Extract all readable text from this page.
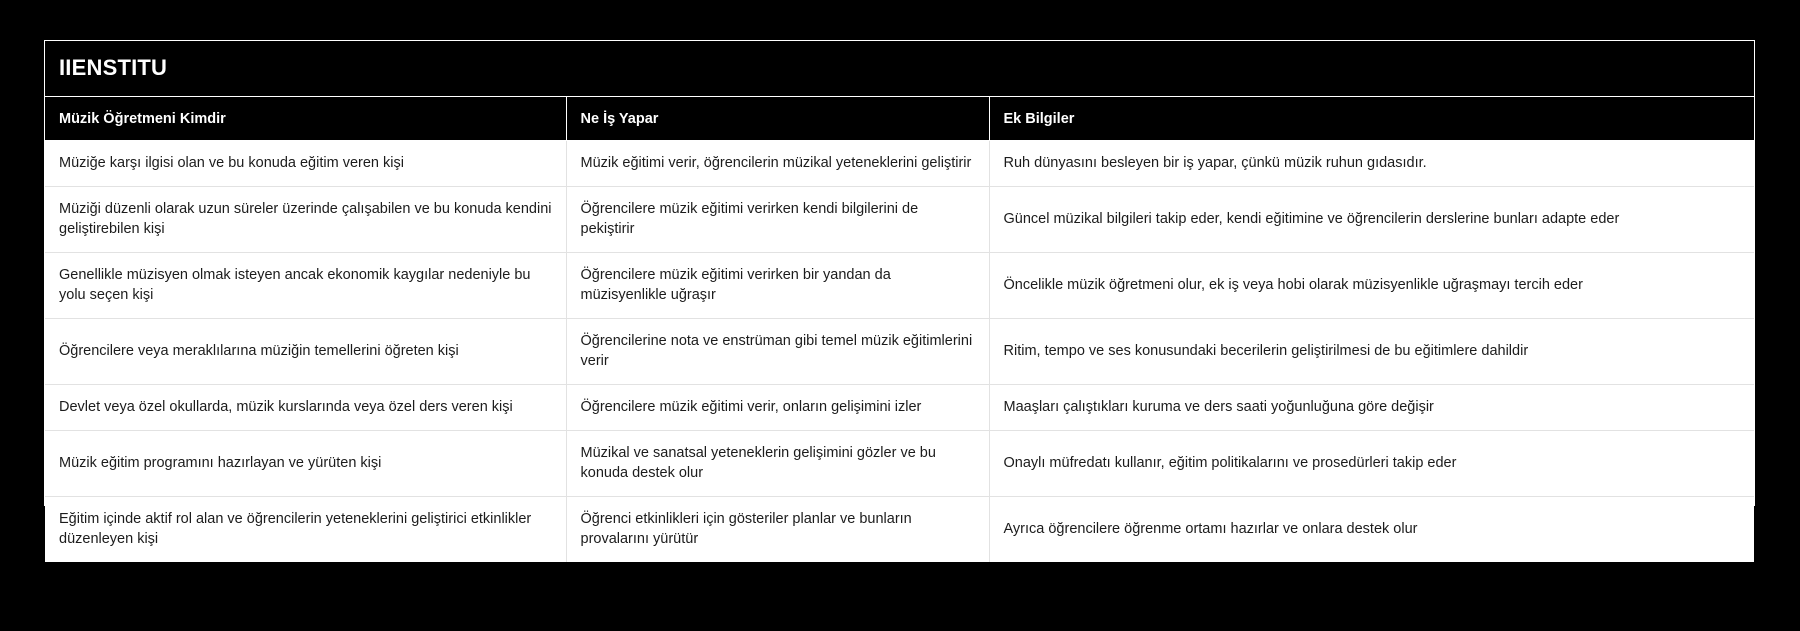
IIENSTITU		
Müzik Öğretmeni Kimdir	Ne İş Yapar	Ek Bilgiler
Müziğe karşı ilgisi olan ve bu konuda eğitim veren kişi	Müzik eğitimi verir, öğrencilerin müzikal yeteneklerini geliştirir	Ruh dünyasını besleyen bir iş yapar, çünkü müzik ruhun gıdasıdır.
Müziği düzenli olarak uzun süreler üzerinde çalışabilen ve bu konuda kendini geliştirebilen kişi	Öğrencilere müzik eğitimi verirken kendi bilgilerini de pekiştirir	Güncel müzikal bilgileri takip eder, kendi eğitimine ve öğrencilerin derslerine bunları adapte eder
Genellikle müzisyen olmak isteyen ancak ekonomik kaygılar nedeniyle bu yolu seçen kişi	Öğrencilere müzik eğitimi verirken bir yandan da müzisyenlikle uğraşır	Öncelikle müzik öğretmeni olur, ek iş veya hobi olarak müzisyenlikle uğraşmayı tercih eder
Öğrencilere veya meraklılarına müziğin temellerini öğreten kişi	Öğrencilerine nota ve enstrüman gibi temel müzik eğitimlerini verir	Ritim, tempo ve ses konusundaki becerilerin geliştirilmesi de bu eğitimlere dahildir
Devlet veya özel okullarda, müzik kurslarında veya özel ders veren kişi	Öğrencilere müzik eğitimi verir, onların gelişimini izler	Maaşları çalıştıkları kuruma ve ders saati yoğunluğuna göre değişir
Müzik eğitim programını hazırlayan ve yürüten kişi	Müzikal ve sanatsal yeteneklerin gelişimini gözler ve bu konuda destek olur	Onaylı müfredatı kullanır, eğitim politikalarını ve prosedürleri takip eder
Eğitim içinde aktif rol alan ve öğrencilerin yeteneklerini geliştirici etkinlikler düzenleyen kişi	Öğrenci etkinlikleri için gösteriler planlar ve bunların provalarını yürütür	Ayrıca öğrencilere öğrenme ortamı hazırlar ve onlara destek olur
